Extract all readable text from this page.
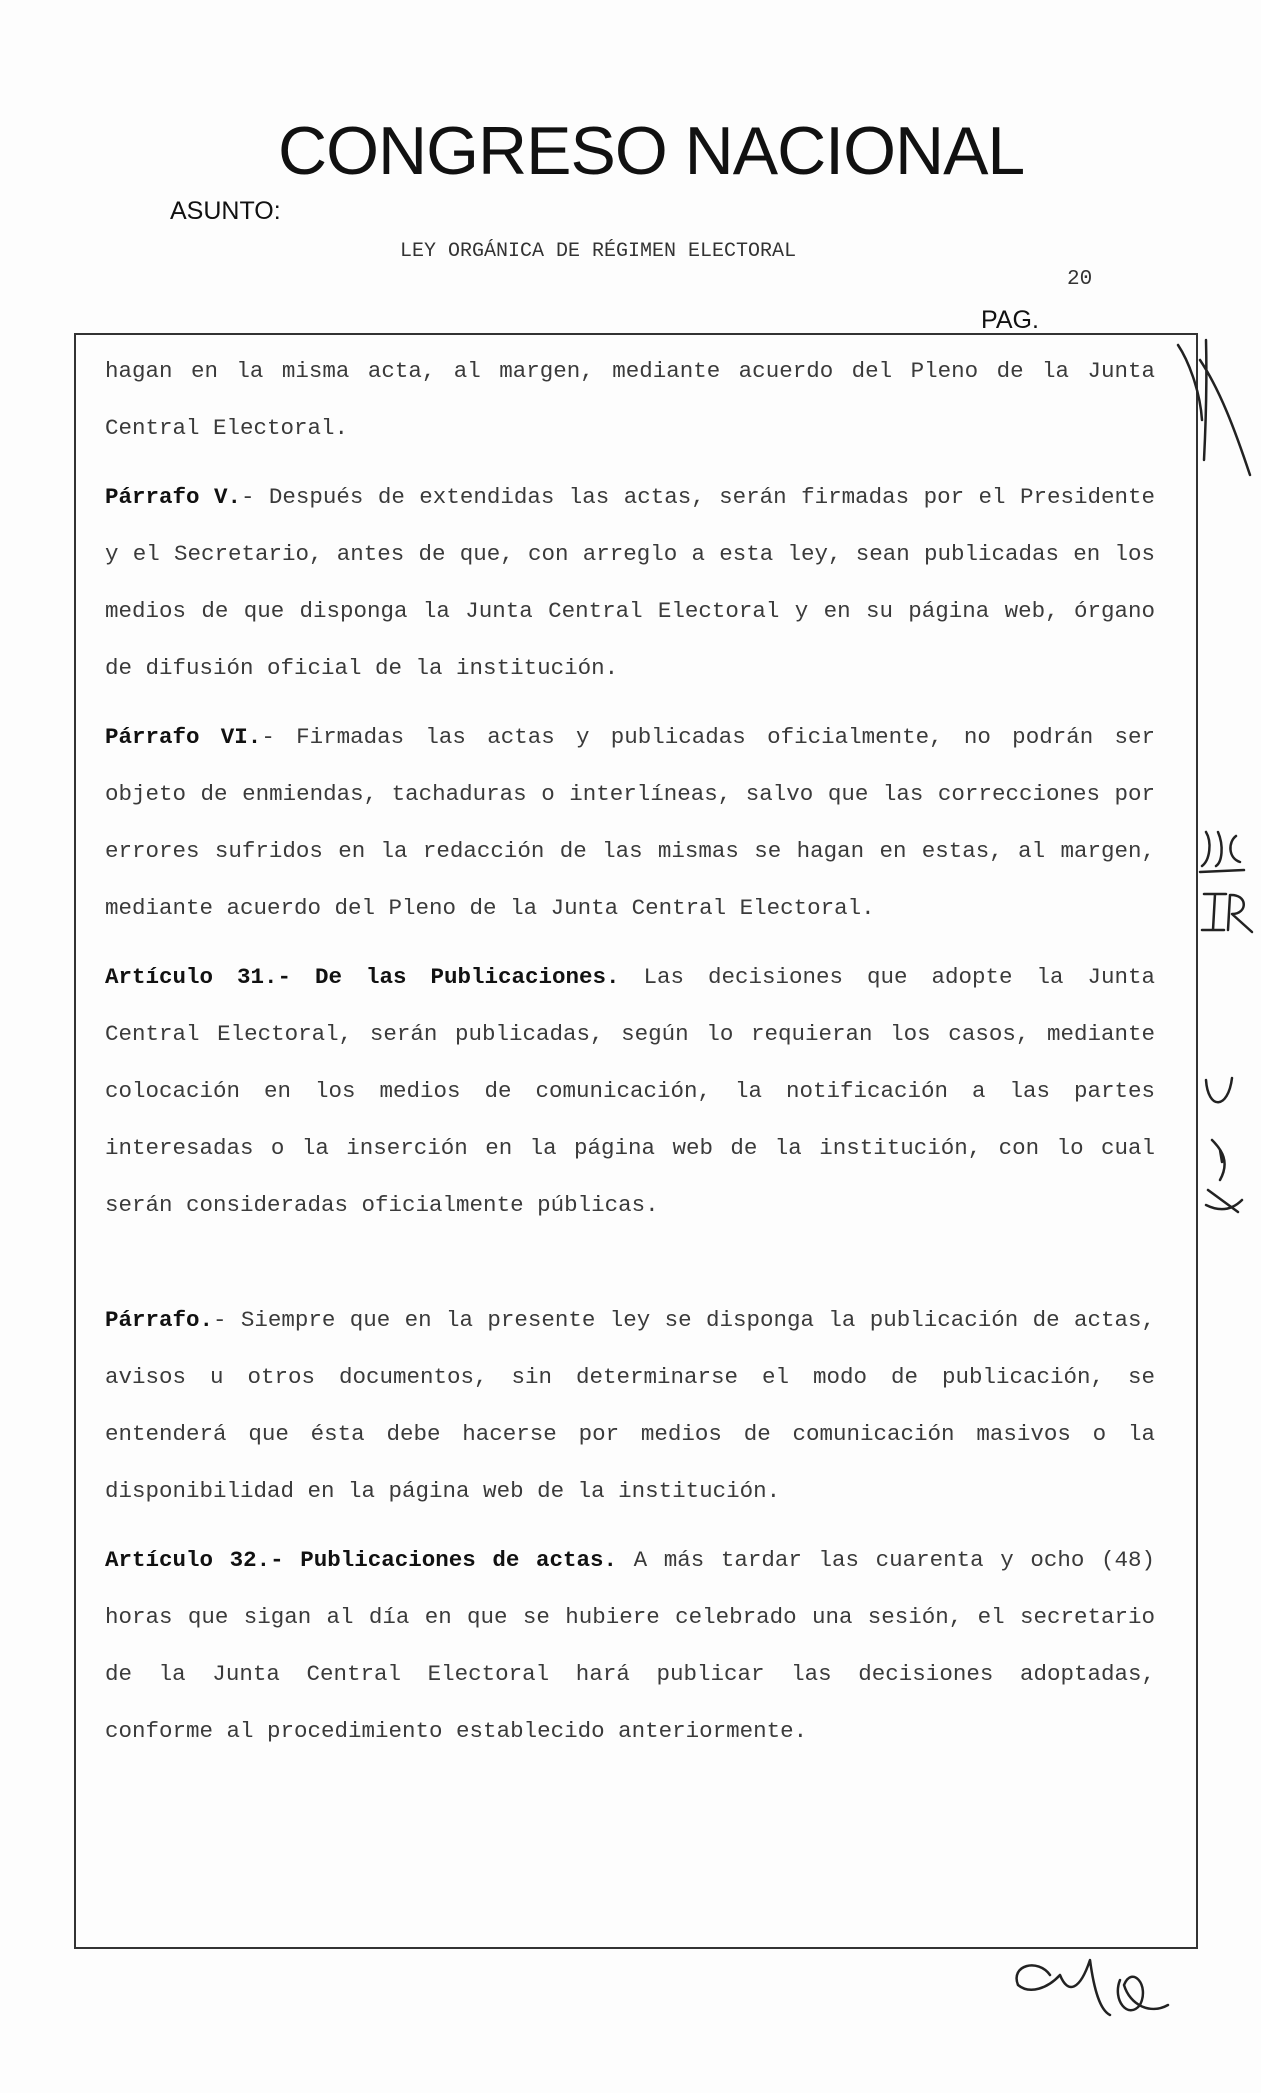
CONGRESO NACIONAL
ASUNTO:
LEY ORGÁNICA DE RÉGIMEN ELECTORAL
20
PAG.

hagan en la misma acta, al margen, mediante acuerdo del Pleno de la Junta Central Electoral.

Párrafo V.- Después de extendidas las actas, serán firmadas por el Presidente y el Secretario, antes de que, con arreglo a esta ley, sean publicadas en los medios de que disponga la Junta Central Electoral y en su página web, órgano de difusión oficial de la institución.

Párrafo VI.- Firmadas las actas y publicadas oficialmente, no podrán ser objeto de enmiendas, tachaduras o interlíneas, salvo que las correcciones por errores sufridos en la redacción de las mismas se hagan en estas, al margen, mediante acuerdo del Pleno de la Junta Central Electoral.

Artículo 31.- De las Publicaciones. Las decisiones que adopte la Junta Central Electoral, serán publicadas, según lo requieran los casos, mediante colocación en los medios de comunicación, la notificación a las partes interesadas o la inserción en la página web de la institución, con lo cual serán consideradas oficialmente públicas.

Párrafo.- Siempre que en la presente ley se disponga la publicación de actas, avisos u otros documentos, sin determinarse el modo de publicación, se entenderá que ésta debe hacerse por medios de comunicación masivos o la disponibilidad en la página web de la institución.

Artículo 32.- Publicaciones de actas. A más tardar las cuarenta y ocho (48) horas que sigan al día en que se hubiere celebrado una sesión, el secretario de la Junta Central Electoral hará publicar las decisiones adoptadas, conforme al procedimiento establecido anteriormente.
